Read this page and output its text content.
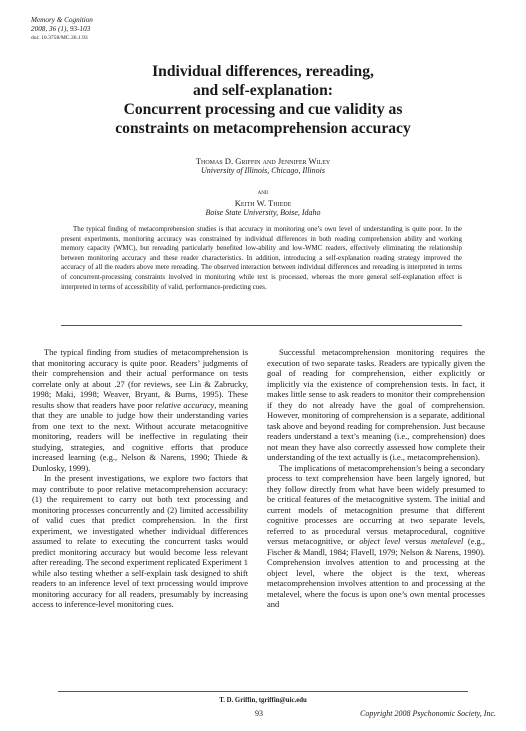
Memory & Cognition
2008, 36 (1), 93-103
doi: 10.3758/MC.36.1.93
Individual differences, rereading,
and self-explanation:
Concurrent processing and cue validity as
constraints on metacomprehension accuracy
Thomas D. Griffin and Jennifer Wiley
University of Illinois, Chicago, Illinois
and
Keith W. Thiede
Boise State University, Boise, Idaho
The typical finding of metacomprehension studies is that accuracy in monitoring one’s own level of understanding is quite poor. In the present experiments, monitoring accuracy was constrained by individual differences in both reading comprehension ability and working memory capacity (WMC), but rereading particularly benefited low-ability and low-WMC readers, effectively eliminating the relationship between monitoring accuracy and these reader characteristics. In addition, introducing a self-explanation reading strategy improved the accuracy of all the readers above mere rereading. The observed interaction between individual differences and rereading is interpreted in terms of concurrent-processing constraints involved in monitoring while text is processed, whereas the more general self-explanation effect is interpreted in terms of accessibility of valid, performance-predicting cues.

The typical finding from studies of metacomprehension is that monitoring accuracy is quite poor. Readers’ judgments of their comprehension and their actual performance on tests correlate only at about .27 (for reviews, see Lin & Zabrucky, 1998; Maki, 1998; Weaver, Bryant, & Burns, 1995). These results show that readers have poor relative accuracy, meaning that they are unable to judge how their understanding varies from one text to the next. Without accurate metacognitive monitoring, readers will be ineffective in regulating their studying, strategies, and cognitive efforts that produce increased learning (e.g., Nelson & Narens, 1990; Thiede & Dunlosky, 1999).

In the present investigations, we explore two factors that may contribute to poor relative metacomprehension accuracy: (1) the requirement to carry out both text processing and monitoring processes concurrently and (2) limited accessibility of valid cues that predict comprehension. In the first experiment, we investigated whether individual differences assumed to relate to executing the concurrent tasks would predict monitoring accuracy but would become less relevant after rereading. The second experiment replicated Experiment 1 while also testing whether a self-explain task designed to shift readers to an inference level of text processing would improve monitoring accuracy for all readers, presumably by increasing access to inference-level monitoring cues.

Successful metacomprehension monitoring requires the execution of two separate tasks. Readers are typically given the goal of reading for comprehension, either explicitly or implicitly via the existence of comprehension tests. In fact, it makes little sense to ask readers to monitor their comprehension if they do not already have the goal of comprehension. However, monitoring of comprehension is a separate, additional task above and beyond reading for comprehension. Just because readers understand a text’s meaning (i.e., comprehension) does not mean they have also correctly assessed how complete their understanding of the text actually is (i.e., metacomprehension).

The implications of metacomprehension’s being a secondary process to text comprehension have been largely ignored, but they follow directly from what have been widely presumed to be critical features of the metacognitive system. The initial and current models of metacognition presume that different cognitive processes are occurring at two separate levels, referred to as procedural versus metaprocedural, cognitive versus metacognitive, or object level versus metalevel (e.g., Fischer & Mandl, 1984; Flavell, 1979; Nelson & Narens, 1990). Comprehension involves attention to and processing at the object level, where the object is the text, whereas metacomprehension involves attention to and processing at the metalevel, where the focus is upon one’s own mental processes and

T. D. Griffin, tgriffin@uic.edu
93	Copyright 2008 Psychonomic Society, Inc.
